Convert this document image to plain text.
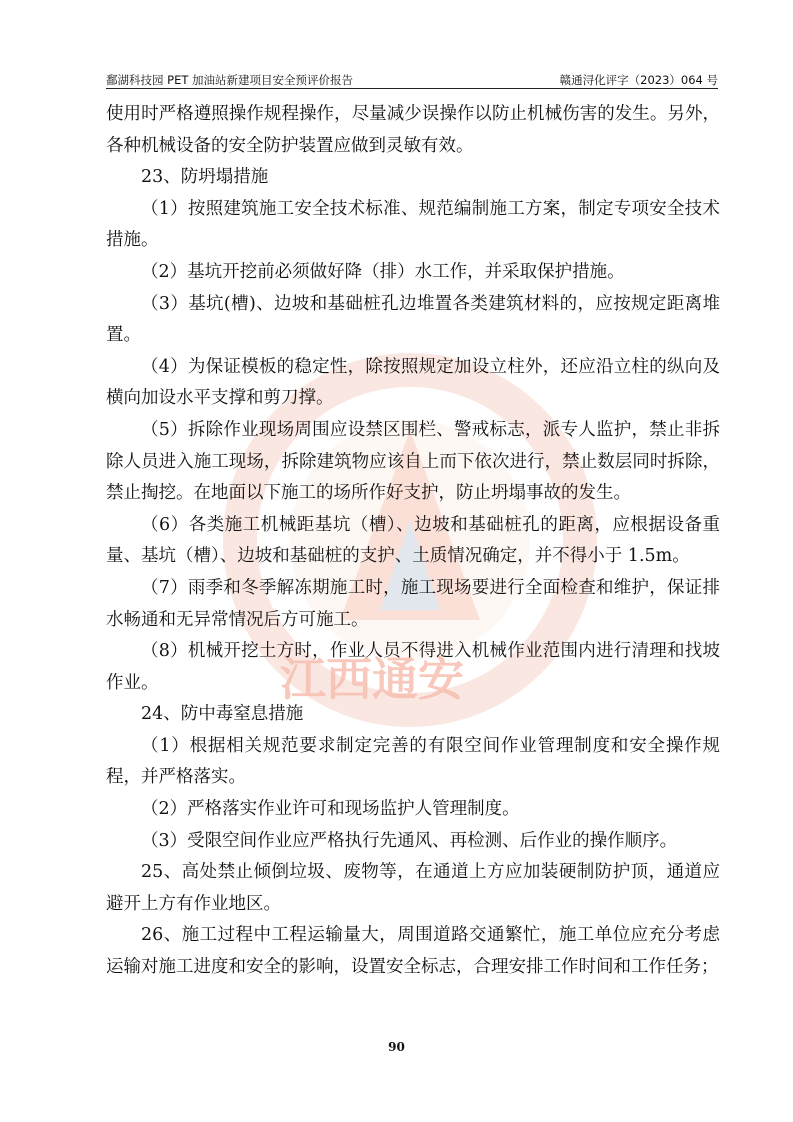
鄱湖科技园 PET 加油站新建项目安全预评价报告	赣通浔化评字（2023）064 号
江西通安

使用时严格遵照操作规程操作，尽量减少误操作以防止机械伤害的发生。另外，各种机械设备的安全防护装置应做到灵敏有效。

23、防坍塌措施

（1）按照建筑施工安全技术标准、规范编制施工方案，制定专项安全技术措施。

（2）基坑开挖前必须做好降（排）水工作，并采取保护措施。

（3）基坑(槽)、边坡和基础桩孔边堆置各类建筑材料的，应按规定距离堆置。

（4）为保证模板的稳定性，除按照规定加设立柱外，还应沿立柱的纵向及横向加设水平支撑和剪刀撑。

（5）拆除作业现场周围应设禁区围栏、警戒标志，派专人监护，禁止非拆除人员进入施工现场，拆除建筑物应该自上而下依次进行，禁止数层同时拆除，禁止掏挖。在地面以下施工的场所作好支护，防止坍塌事故的发生。

（6）各类施工机械距基坑（槽）、边坡和基础桩孔的距离，应根据设备重量、基坑（槽）、边坡和基础桩的支护、土质情况确定，并不得小于 1.5m。

（7）雨季和冬季解冻期施工时，施工现场要进行全面检查和维护，保证排水畅通和无异常情况后方可施工。

（8）机械开挖土方时，作业人员不得进入机械作业范围内进行清理和找坡作业。

24、防中毒窒息措施

（1）根据相关规范要求制定完善的有限空间作业管理制度和安全操作规程，并严格落实。

（2）严格落实作业许可和现场监护人管理制度。

（3）受限空间作业应严格执行先通风、再检测、后作业的操作顺序。

25、高处禁止倾倒垃圾、废物等，在通道上方应加装硬制防护顶，通道应避开上方有作业地区。

26、施工过程中工程运输量大，周围道路交通繁忙，施工单位应充分考虑运输对施工进度和安全的影响，设置安全标志，合理安排工作时间和工作任务；

90
